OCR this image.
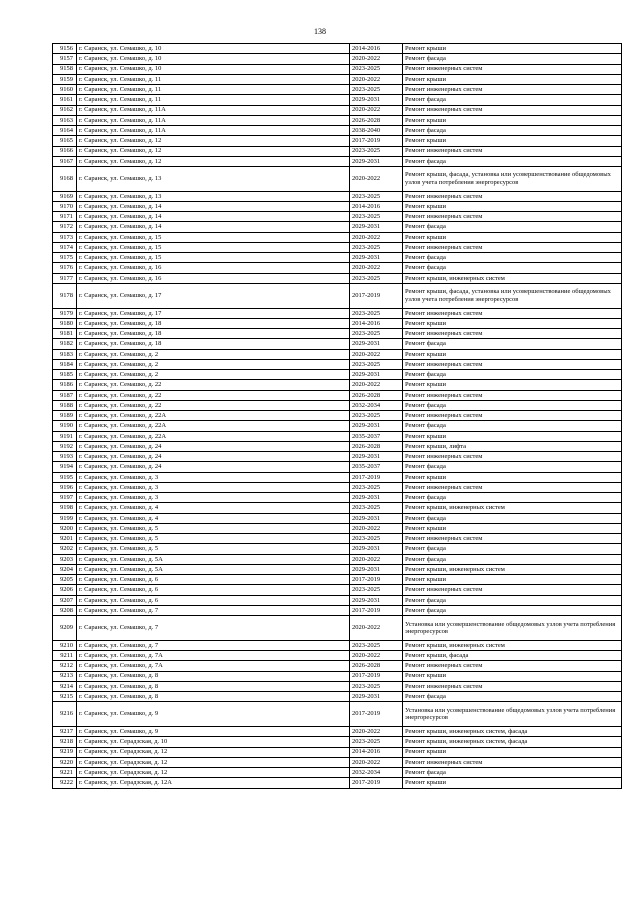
138
9156	г. Саранск, ул. Семашко, д. 10	2014-2016	Ремонт крыши
9157	г. Саранск, ул. Семашко, д. 10	2020-2022	Ремонт фасада
9158	г. Саранск, ул. Семашко, д. 10	2023-2025	Ремонт инженерных систем
9159	г. Саранск, ул. Семашко, д. 11	2020-2022	Ремонт крыши
9160	г. Саранск, ул. Семашко, д. 11	2023-2025	Ремонт инженерных систем
9161	г. Саранск, ул. Семашко, д. 11	2029-2031	Ремонт фасада
9162	г. Саранск, ул. Семашко, д. 11А	2020-2022	Ремонт инженерных систем
9163	г. Саранск, ул. Семашко, д. 11А	2026-2028	Ремонт крыши
9164	г. Саранск, ул. Семашко, д. 11А	2038-2040	Ремонт фасада
9165	г. Саранск, ул. Семашко, д. 12	2017-2019	Ремонт крыши
9166	г. Саранск, ул. Семашко, д. 12	2023-2025	Ремонт инженерных систем
9167	г. Саранск, ул. Семашко, д. 12	2029-2031	Ремонт фасада
9168	г. Саранск, ул. Семашко, д. 13	2020-2022	Ремонт крыши, фасада, установка или усовершенствование общедомовых узлов учета потребления энергоресурсов
9169	г. Саранск, ул. Семашко, д. 13	2023-2025	Ремонт инженерных систем
9170	г. Саранск, ул. Семашко, д. 14	2014-2016	Ремонт крыши
9171	г. Саранск, ул. Семашко, д. 14	2023-2025	Ремонт инженерных систем
9172	г. Саранск, ул. Семашко, д. 14	2029-2031	Ремонт фасада
9173	г. Саранск, ул. Семашко, д. 15	2020-2022	Ремонт крыши
9174	г. Саранск, ул. Семашко, д. 15	2023-2025	Ремонт инженерных систем
9175	г. Саранск, ул. Семашко, д. 15	2029-2031	Ремонт фасада
9176	г. Саранск, ул. Семашко, д. 16	2020-2022	Ремонт фасада
9177	г. Саранск, ул. Семашко, д. 16	2023-2025	Ремонт крыши, инженерных систем
9178	г. Саранск, ул. Семашко, д. 17	2017-2019	Ремонт крыши, фасада, установка или усовершенствование общедомовых узлов учета потребления энергоресурсов
9179	г. Саранск, ул. Семашко, д. 17	2023-2025	Ремонт инженерных систем
9180	г. Саранск, ул. Семашко, д. 18	2014-2016	Ремонт крыши
9181	г. Саранск, ул. Семашко, д. 18	2023-2025	Ремонт инженерных систем
9182	г. Саранск, ул. Семашко, д. 18	2029-2031	Ремонт фасада
9183	г. Саранск, ул. Семашко, д. 2	2020-2022	Ремонт крыши
9184	г. Саранск, ул. Семашко, д. 2	2023-2025	Ремонт инженерных систем
9185	г. Саранск, ул. Семашко, д. 2	2029-2031	Ремонт фасада
9186	г. Саранск, ул. Семашко, д. 22	2020-2022	Ремонт крыши
9187	г. Саранск, ул. Семашко, д. 22	2026-2028	Ремонт инженерных систем
9188	г. Саранск, ул. Семашко, д. 22	2032-2034	Ремонт фасада
9189	г. Саранск, ул. Семашко, д. 22А	2023-2025	Ремонт инженерных систем
9190	г. Саранск, ул. Семашко, д. 22А	2029-2031	Ремонт фасада
9191	г. Саранск, ул. Семашко, д. 22А	2035-2037	Ремонт крыши
9192	г. Саранск, ул. Семашко, д. 24	2026-2028	Ремонт крыши, лифта
9193	г. Саранск, ул. Семашко, д. 24	2029-2031	Ремонт инженерных систем
9194	г. Саранск, ул. Семашко, д. 24	2035-2037	Ремонт фасада
9195	г. Саранск, ул. Семашко, д. 3	2017-2019	Ремонт крыши
9196	г. Саранск, ул. Семашко, д. 3	2023-2025	Ремонт инженерных систем
9197	г. Саранск, ул. Семашко, д. 3	2029-2031	Ремонт фасада
9198	г. Саранск, ул. Семашко, д. 4	2023-2025	Ремонт крыши, инженерных систем
9199	г. Саранск, ул. Семашко, д. 4	2029-2031	Ремонт фасада
9200	г. Саранск, ул. Семашко, д. 5	2020-2022	Ремонт крыши
9201	г. Саранск, ул. Семашко, д. 5	2023-2025	Ремонт инженерных систем
9202	г. Саранск, ул. Семашко, д. 5	2029-2031	Ремонт фасада
9203	г. Саранск, ул. Семашко, д. 5А	2020-2022	Ремонт фасада
9204	г. Саранск, ул. Семашко, д. 5А	2029-2031	Ремонт крыши, инженерных систем
9205	г. Саранск, ул. Семашко, д. 6	2017-2019	Ремонт крыши
9206	г. Саранск, ул. Семашко, д. 6	2023-2025	Ремонт инженерных систем
9207	г. Саранск, ул. Семашко, д. 6	2029-2031	Ремонт фасада
9208	г. Саранск, ул. Семашко, д. 7	2017-2019	Ремонт фасада
9209	г. Саранск, ул. Семашко, д. 7	2020-2022	Установка или усовершенствование общедомовых узлов учета потребления энергоресурсов
9210	г. Саранск, ул. Семашко, д. 7	2023-2025	Ремонт крыши, инженерных систем
9211	г. Саранск, ул. Семашко, д. 7А	2020-2022	Ремонт крыши, фасада
9212	г. Саранск, ул. Семашко, д. 7А	2026-2028	Ремонт инженерных систем
9213	г. Саранск, ул. Семашко, д. 8	2017-2019	Ремонт крыши
9214	г. Саранск, ул. Семашко, д. 8	2023-2025	Ремонт инженерных систем
9215	г. Саранск, ул. Семашко, д. 8	2029-2031	Ремонт фасада
9216	г. Саранск, ул. Семашко, д. 9	2017-2019	Установка или усовершенствование общедомовых узлов учета потребления энергоресурсов
9217	г. Саранск, ул. Семашко, д. 9	2020-2022	Ремонт крыши, инженерных систем, фасада
9218	г. Саранск, ул. Серадзская, д. 10	2023-2025	Ремонт крыши, инженерных систем, фасада
9219	г. Саранск, ул. Серадзская, д. 12	2014-2016	Ремонт крыши
9220	г. Саранск, ул. Серадзская, д. 12	2020-2022	Ремонт инженерных систем
9221	г. Саранск, ул. Серадзская, д. 12	2032-2034	Ремонт фасада
9222	г. Саранск, ул. Серадзская, д. 12А	2017-2019	Ремонт крыши
